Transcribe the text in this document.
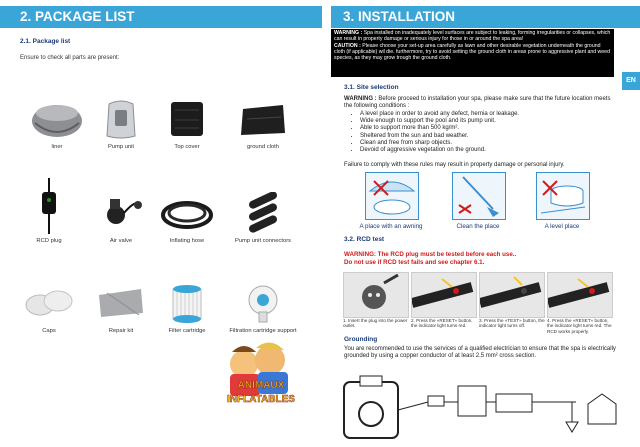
2. PACKAGE LIST
2.1. Package list
Ensure to check all parts are present:
liner	Pump unit	Top cover	ground cloth
RCD plug	Air valve	Inflating hose	Pump unit connectors
Caps	Repair kit	Filter cartridge	Filtration cartridge support
ANIMAUX
INFLATABLES
3. INSTALLATION
WARNING : Spa installed on inadequately level surfaces are subject to leaking, forming irregularities or collapses, which can result in property damage or serious injury for those in or around the spa area!
CAUTION : Please choose your set-up area carefully as lawn and other desirable vegetation underneath the ground cloth (if applicable) wil die. furthermore, try to avoid setting the ground cloth in areas prone to aggressive plant and weed species, as they may grow trough the ground cloth.
EN
3.1. Site selection
WARNING : Before proceed to installation your spa, please make sure that the future location meets the following conditions :
• A level place in order to avoid any defect, hernia or leakage.
• Wide enough to support the pool and its pump unit.
• Able to support more than 500 kg/m².
• Sheltered from the sun and bad weather.
• Clean and free from sharp objects.
• Devoid of aggressive vegetation on the ground.
Failure to comply with these rules may result in property damage or personal injury.
A place with an awning	Clean the place	A level place
3.2. RCD test
WARNING: The RCD plug must be tested before each use..
Do not use if RCD test fails and see chapter 6.1.
1. Insert the plug into the power outlet.
2. Press the «RESET» button, the indicator light turns red.
3. Press the «TEST» button, the indicator light turns off.
4. Press the «RESET» button, the indicator light turns red. The RCD works properly.
Grounding
You are recommended to use the services of a qualified electrician to ensure that the spa is electrically grounded by using a copper conductor of at least 2.5 mm² cross section.
